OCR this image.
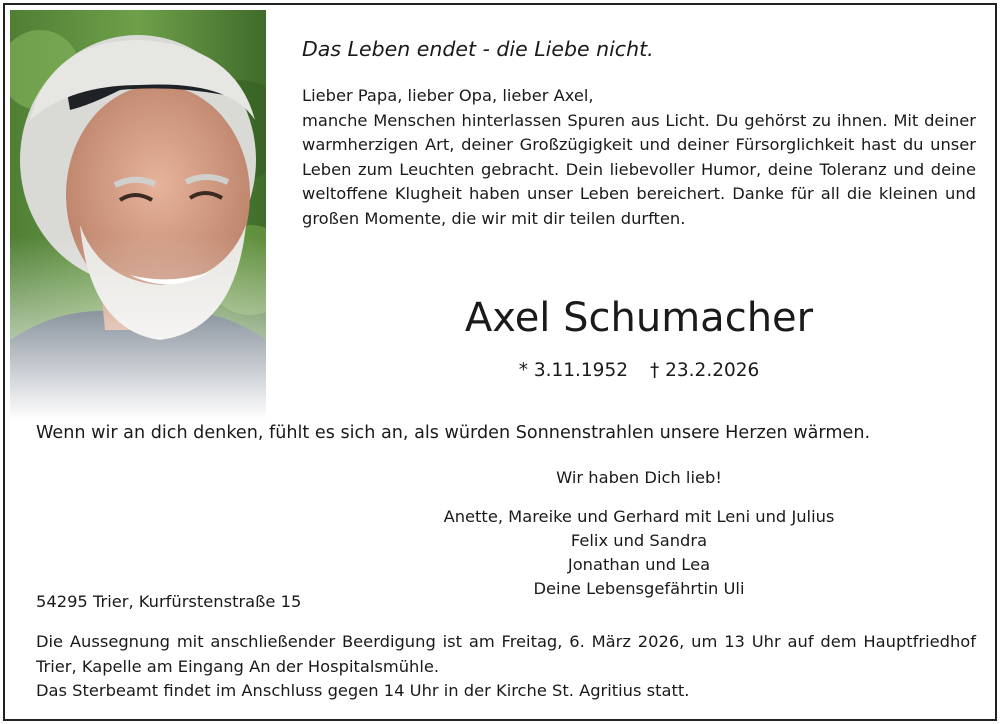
Das Leben endet - die Liebe nicht.
Lieber Papa, lieber Opa, lieber Axel,
manche Menschen hinterlassen Spuren aus Licht. Du gehörst zu ihnen. Mit deiner warmherzigen Art, deiner Großzügigkeit und deiner Fürsorglichkeit hast du unser Leben zum Leuchten gebracht. Dein liebevoller Humor, deine Toleranz und deine weltoffene Klugheit haben unser Leben bereichert. Danke für all die kleinen und großen Momente, die wir mit dir teilen durften.
Axel Schumacher
* 3.11.1952 † 23.2.2026
Wenn wir an dich denken, fühlt es sich an, als würden Sonnenstrahlen unsere Herzen wärmen.
Wir haben Dich lieb!
Anette, Mareike und Gerhard mit Leni und Julius
Felix und Sandra
Jonathan und Lea
Deine Lebensgefährtin Uli
54295 Trier, Kurfürstenstraße 15
Die Aussegnung mit anschließender Beerdigung ist am Freitag, 6. März 2026, um 13 Uhr auf dem Hauptfriedhof Trier, Kapelle am Eingang An der Hospitalsmühle.
Das Sterbeamt findet im Anschluss gegen 14 Uhr in der Kirche St. Agritius statt.
